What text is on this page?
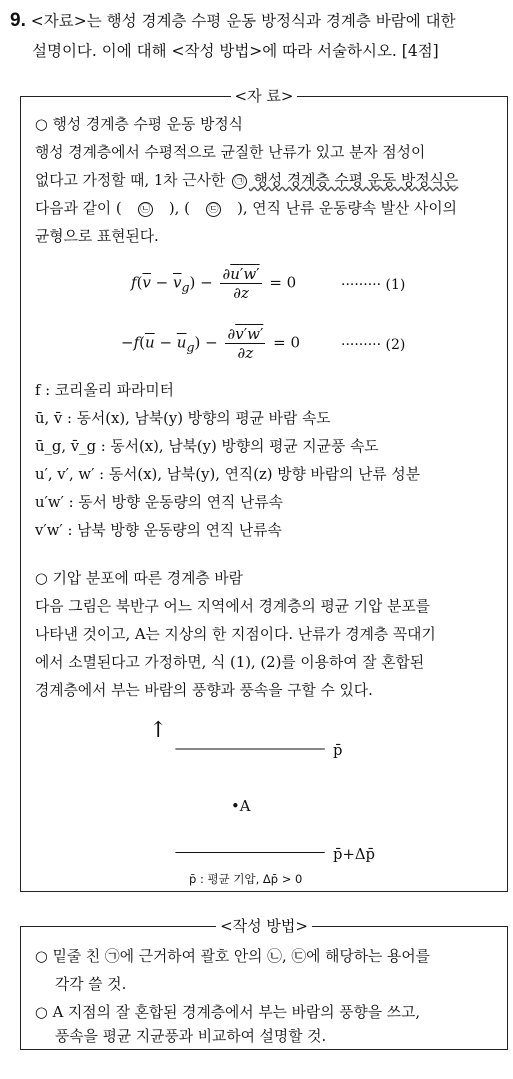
9. <자료>는 행성 경계층 수평 운동 방정식과 경계층 바람에 대한
설명이다. 이에 대해 <작성 방법>에 따라 서술하시오. [4점]
<자 료>
○ 행성 경계층 수평 운동 방정식
행성 경계층에서 수평적으로 균질한 난류가 있고 분자 점성이
없다고 가정할 때, 1차 근사한 ㉠ 행성 경계층 수평 운동 방정식은
다음과 같이 ( ㉡ ), ( ㉢ ), 연직 난류 운동량속 발산 사이의
균형으로 표현된다.
$f(\overline{v} - \overline{v}_g) - \frac{\partial u'w'}{\partial z} = 0$	········· (1)
$-f(\overline{u} - \overline{u}_g) - \frac{\partial v'w'}{\partial z} = 0$	········· (2)
f : 코리올리 파라미터
ū, v̄ : 동서(x), 남북(y) 방향의 평균 바람 속도
ū_g, v̄_g : 동서(x), 남북(y) 방향의 평균 지균풍 속도
u′, v′, w′ : 동서(x), 남북(y), 연직(z) 방향 바람의 난류 성분
u′w′ : 동서 방향 운동량의 연직 난류속
v′w′ : 남북 방향 운동량의 연직 난류속
○ 기압 분포에 따른 경계층 바람
다음 그림은 북반구 어느 지역에서 경계층의 평균 기압 분포를
나타낸 것이고, A는 지상의 한 지점이다. 난류가 경계층 꼭대기
에서 소멸된다고 가정하면, 식 (1), (2)를 이용하여 잘 혼합된
경계층에서 부는 바람의 풍향과 풍속을 구할 수 있다.
↑
p̄
•A
p̄+Δp̄
p̄ : 평균 기압, Δp̄ > 0
<작성 방법>
○ 밑줄 친 ㉠에 근거하여 괄호 안의 ㉡, ㉢에 해당하는 용어를
각각 쓸 것.
○ A 지점의 잘 혼합된 경계층에서 부는 바람의 풍향을 쓰고,
풍속을 평균 지균풍과 비교하여 설명할 것.
